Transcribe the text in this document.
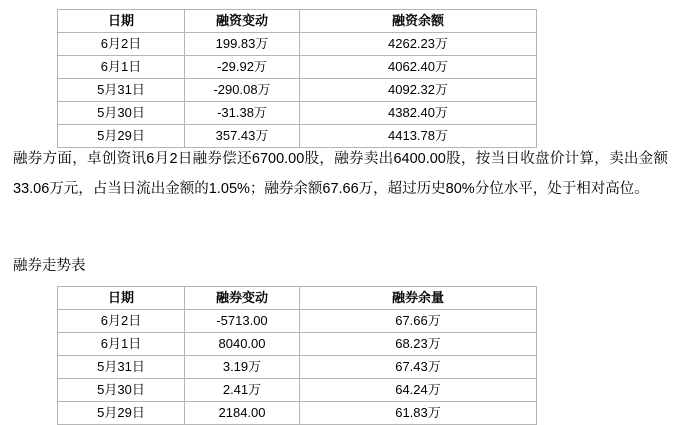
日期	融资变动	融资余额
6月2日	199.83万	4262.23万
6月1日	-29.92万	4062.40万
5月31日	-290.08万	4092.32万
5月30日	-31.38万	4382.40万
5月29日	357.43万	4413.78万
融券方面，卓创资讯6月2日融券偿还6700.00股，融券卖出6400.00股，按当日收盘价计算，卖出金额33.06万元，占当日流出金额的1.05%；融券余额67.66万，超过历史80%分位水平，处于相对高位。
融券走势表
日期	融券变动	融券余量
6月2日	-5713.00	67.66万
6月1日	8040.00	68.23万
5月31日	3.19万	67.43万
5月30日	2.41万	64.24万
5月29日	2184.00	61.83万
